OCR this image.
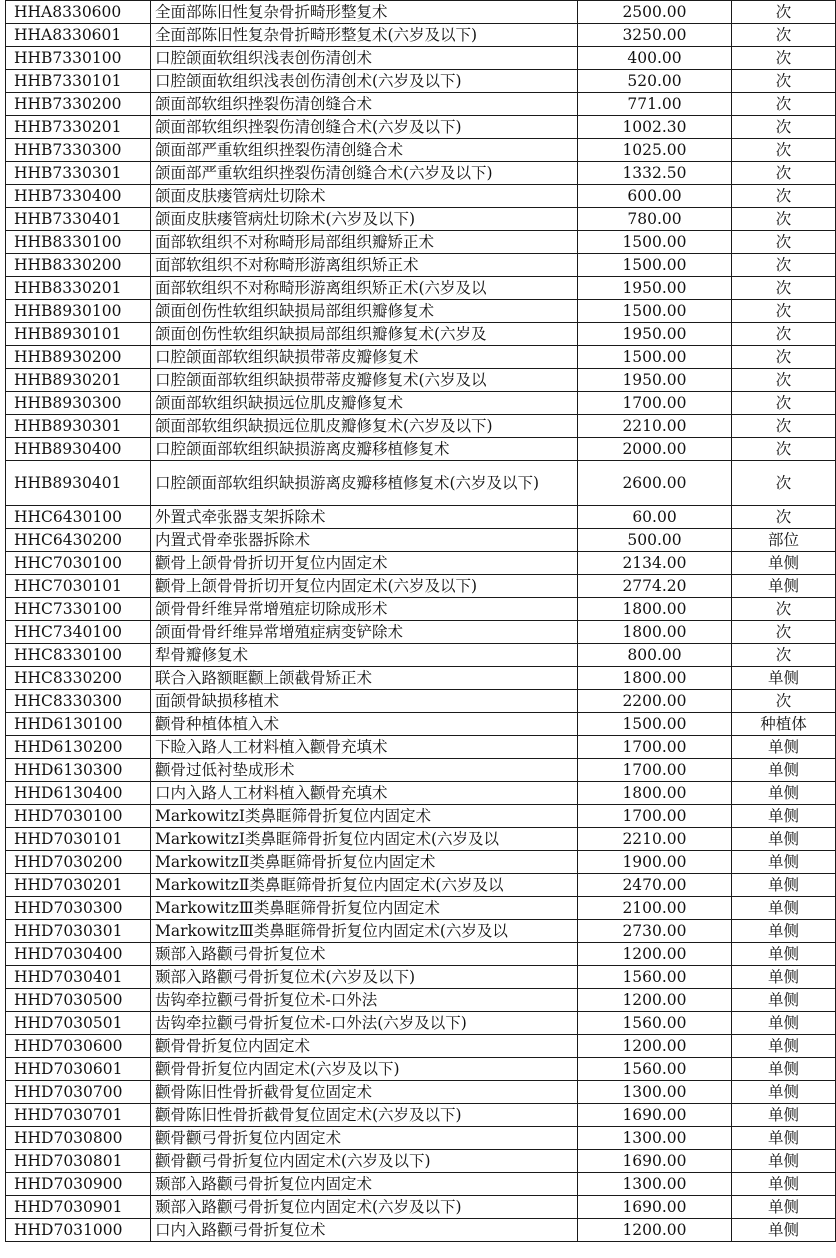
HHA8330600	全面部陈旧性复杂骨折畸形整复术	2500.00	次
HHA8330601	全面部陈旧性复杂骨折畸形整复术(六岁及以下)	3250.00	次
HHB7330100	口腔颌面软组织浅表创伤清创术	400.00	次
HHB7330101	口腔颌面软组织浅表创伤清创术(六岁及以下)	520.00	次
HHB7330200	颌面部软组织挫裂伤清创缝合术	771.00	次
HHB7330201	颌面部软组织挫裂伤清创缝合术(六岁及以下)	1002.30	次
HHB7330300	颌面部严重软组织挫裂伤清创缝合术	1025.00	次
HHB7330301	颌面部严重软组织挫裂伤清创缝合术(六岁及以下)	1332.50	次
HHB7330400	颌面皮肤瘘管病灶切除术	600.00	次
HHB7330401	颌面皮肤瘘管病灶切除术(六岁及以下)	780.00	次
HHB8330100	面部软组织不对称畸形局部组织瓣矫正术	1500.00	次
HHB8330200	面部软组织不对称畸形游离组织矫正术	1500.00	次
HHB8330201	面部软组织不对称畸形游离组织矫正术(六岁及以	1950.00	次
HHB8930100	颌面创伤性软组织缺损局部组织瓣修复术	1500.00	次
HHB8930101	颌面创伤性软组织缺损局部组织瓣修复术(六岁及	1950.00	次
HHB8930200	口腔颌面部软组织缺损带蒂皮瓣修复术	1500.00	次
HHB8930201	口腔颌面部软组织缺损带蒂皮瓣修复术(六岁及以	1950.00	次
HHB8930300	颌面部软组织缺损远位肌皮瓣修复术	1700.00	次
HHB8930301	颌面部软组织缺损远位肌皮瓣修复术(六岁及以下)	2210.00	次
HHB8930400	口腔颌面部软组织缺损游离皮瓣移植修复术	2000.00	次
HHB8930401	口腔颌面部软组织缺损游离皮瓣移植修复术(六岁及以下)	2600.00	次
HHC6430100	外置式牵张器支架拆除术	60.00	次
HHC6430200	内置式骨牵张器拆除术	500.00	部位
HHC7030100	颧骨上颌骨骨折切开复位内固定术	2134.00	单侧
HHC7030101	颧骨上颌骨骨折切开复位内固定术(六岁及以下)	2774.20	单侧
HHC7330100	颌骨骨纤维异常增殖症切除成形术	1800.00	次
HHC7340100	颌面骨骨纤维异常增殖症病变铲除术	1800.00	次
HHC8330100	犁骨瓣修复术	800.00	次
HHC8330200	联合入路额眶颧上颌截骨矫正术	1800.00	单侧
HHC8330300	面颌骨缺损移植术	2200.00	次
HHD6130100	颧骨种植体植入术	1500.00	种植体
HHD6130200	下睑入路人工材料植入颧骨充填术	1700.00	单侧
HHD6130300	颧骨过低衬垫成形术	1700.00	单侧
HHD6130400	口内入路人工材料植入颧骨充填术	1800.00	单侧
HHD7030100	MarkowitzⅠ类鼻眶筛骨折复位内固定术	1700.00	单侧
HHD7030101	MarkowitzⅠ类鼻眶筛骨折复位内固定术(六岁及以	2210.00	单侧
HHD7030200	MarkowitzⅡ类鼻眶筛骨折复位内固定术	1900.00	单侧
HHD7030201	MarkowitzⅡ类鼻眶筛骨折复位内固定术(六岁及以	2470.00	单侧
HHD7030300	MarkowitzⅢ类鼻眶筛骨折复位内固定术	2100.00	单侧
HHD7030301	MarkowitzⅢ类鼻眶筛骨折复位内固定术(六岁及以	2730.00	单侧
HHD7030400	颞部入路颧弓骨折复位术	1200.00	单侧
HHD7030401	颞部入路颧弓骨折复位术(六岁及以下)	1560.00	单侧
HHD7030500	齿钩牵拉颧弓骨折复位术-口外法	1200.00	单侧
HHD7030501	齿钩牵拉颧弓骨折复位术-口外法(六岁及以下)	1560.00	单侧
HHD7030600	颧骨骨折复位内固定术	1200.00	单侧
HHD7030601	颧骨骨折复位内固定术(六岁及以下)	1560.00	单侧
HHD7030700	颧骨陈旧性骨折截骨复位固定术	1300.00	单侧
HHD7030701	颧骨陈旧性骨折截骨复位固定术(六岁及以下)	1690.00	单侧
HHD7030800	颧骨颧弓骨折复位内固定术	1300.00	单侧
HHD7030801	颧骨颧弓骨折复位内固定术(六岁及以下)	1690.00	单侧
HHD7030900	颞部入路颧弓骨折复位内固定术	1300.00	单侧
HHD7030901	颞部入路颧弓骨折复位内固定术(六岁及以下)	1690.00	单侧
HHD7031000	口内入路颧弓骨折复位术	1200.00	单侧
